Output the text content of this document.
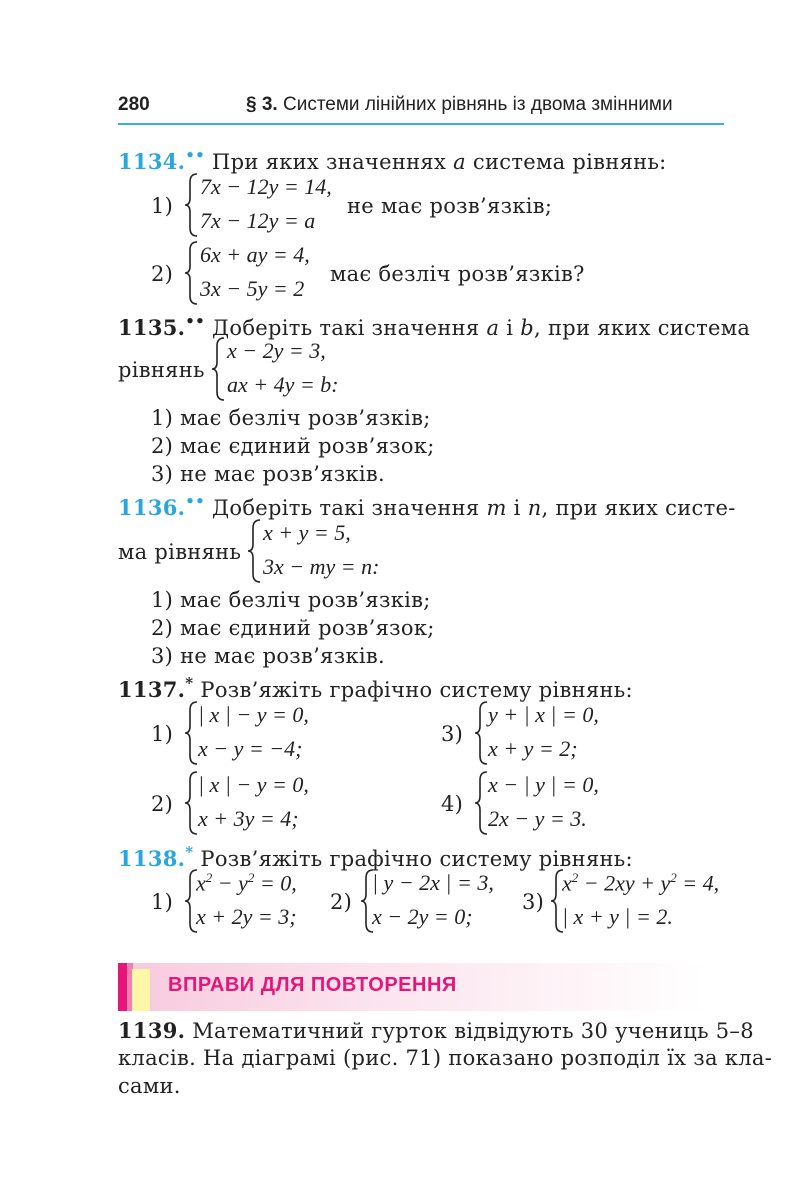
280	§ 3. Системи лінійних рівнянь із двома змінними
1134.•• При яких значеннях a система рівнянь:
1)
7x − 12y = 14,
7x − 12y = a
не має розв’язків;
2)
6x + ay = 4,
3x − 5y = 2
має безліч розв’язків?
1135.•• Доберіть такі значення a і b, при яких система
рівнянь
x − 2y = 3,
ax + 4y = b:
1) має безліч розв’язків;
2) має єдиний розв’язок;
3) не має розв’язків.
1136.•• Доберіть такі значення m і n, при яких систе-
ма рівнянь
x + y = 5,
3x − my = n:
1) має безліч розв’язків;
2) має єдиний розв’язок;
3) не має розв’язків.
1137.* Розв’яжіть графічно систему рівнянь:
1)
| x | − y = 0,
x − y = −4;
3)
y + | x | = 0,
x + y = 2;
2)
| x | − y = 0,
x + 3y = 4;
4)
x − | y | = 0,
2x − y = 3.
1138.* Розв’яжіть графічно систему рівнянь:
1)
$x^2 - y^2 = 0$,
x + 2y = 3;
2)
| y − 2x | = 3,
x − 2y = 0;
3)
$x^2 - 2xy + y^2 = 4$,
| x + y | = 2.
ВПРАВИ ДЛЯ ПОВТОРЕННЯ
1139. Математичний гурток відвідують 30 учениць 5–8
класів. На діаграмі (рис. 71) показано розподіл їх за кла-
сами.
